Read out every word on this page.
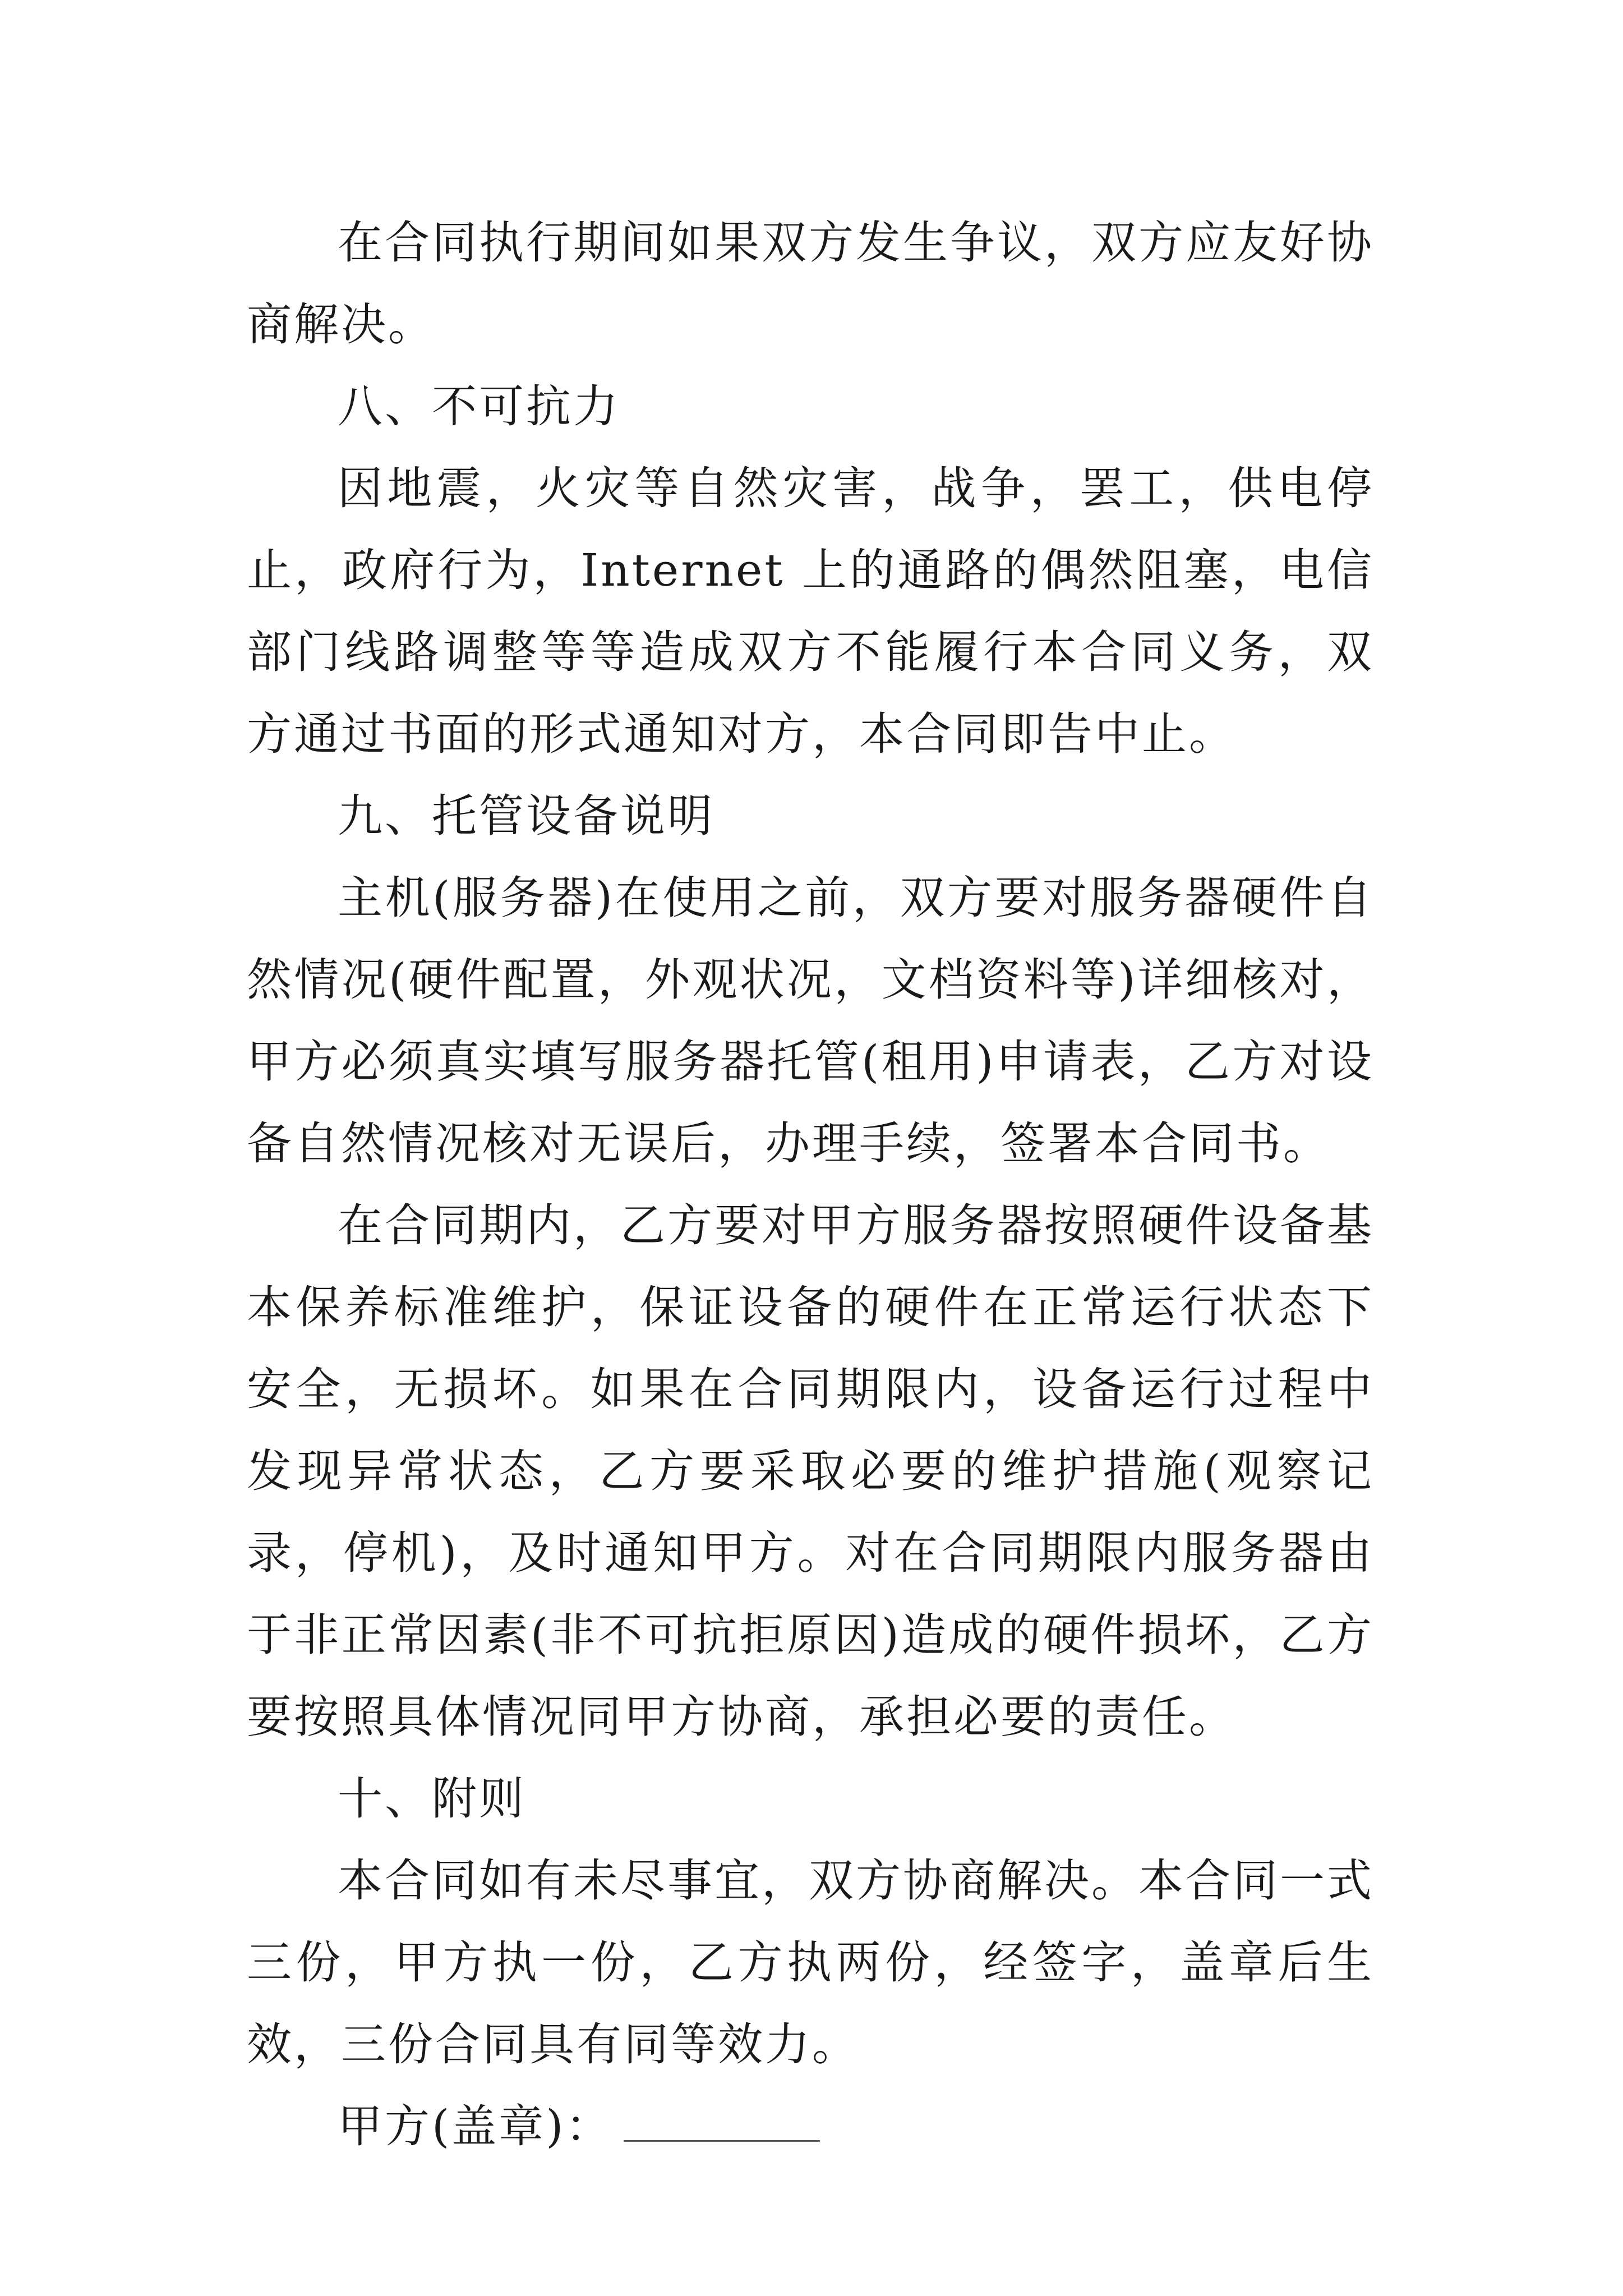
在合同执行期间如果双方发生争议，双方应友好协商解决。

八、不可抗力

因地震，火灾等自然灾害，战争，罢工，供电停止，政府行为，Internet 上的通路的偶然阻塞，电信部门线路调整等等造成双方不能履行本合同义务，双方通过书面的形式通知对方，本合同即告中止。

九、托管设备说明

主机(服务器)在使用之前，双方要对服务器硬件自然情况(硬件配置，外观状况，文档资料等)详细核对，甲方必须真实填写服务器托管(租用)申请表，乙方对设备自然情况核对无误后，办理手续，签署本合同书。

在合同期内，乙方要对甲方服务器按照硬件设备基本保养标准维护，保证设备的硬件在正常运行状态下安全，无损坏。如果在合同期限内，设备运行过程中发现异常状态，乙方要采取必要的维护措施(观察记录，停机)，及时通知甲方。对在合同期限内服务器由于非正常因素(非不可抗拒原因)造成的硬件损坏，乙方要按照具体情况同甲方协商，承担必要的责任。

十、附则

本合同如有未尽事宜，双方协商解决。本合同一式三份，甲方执一份，乙方执两份，经签字，盖章后生效，三份合同具有同等效力。

甲方(盖章)：
